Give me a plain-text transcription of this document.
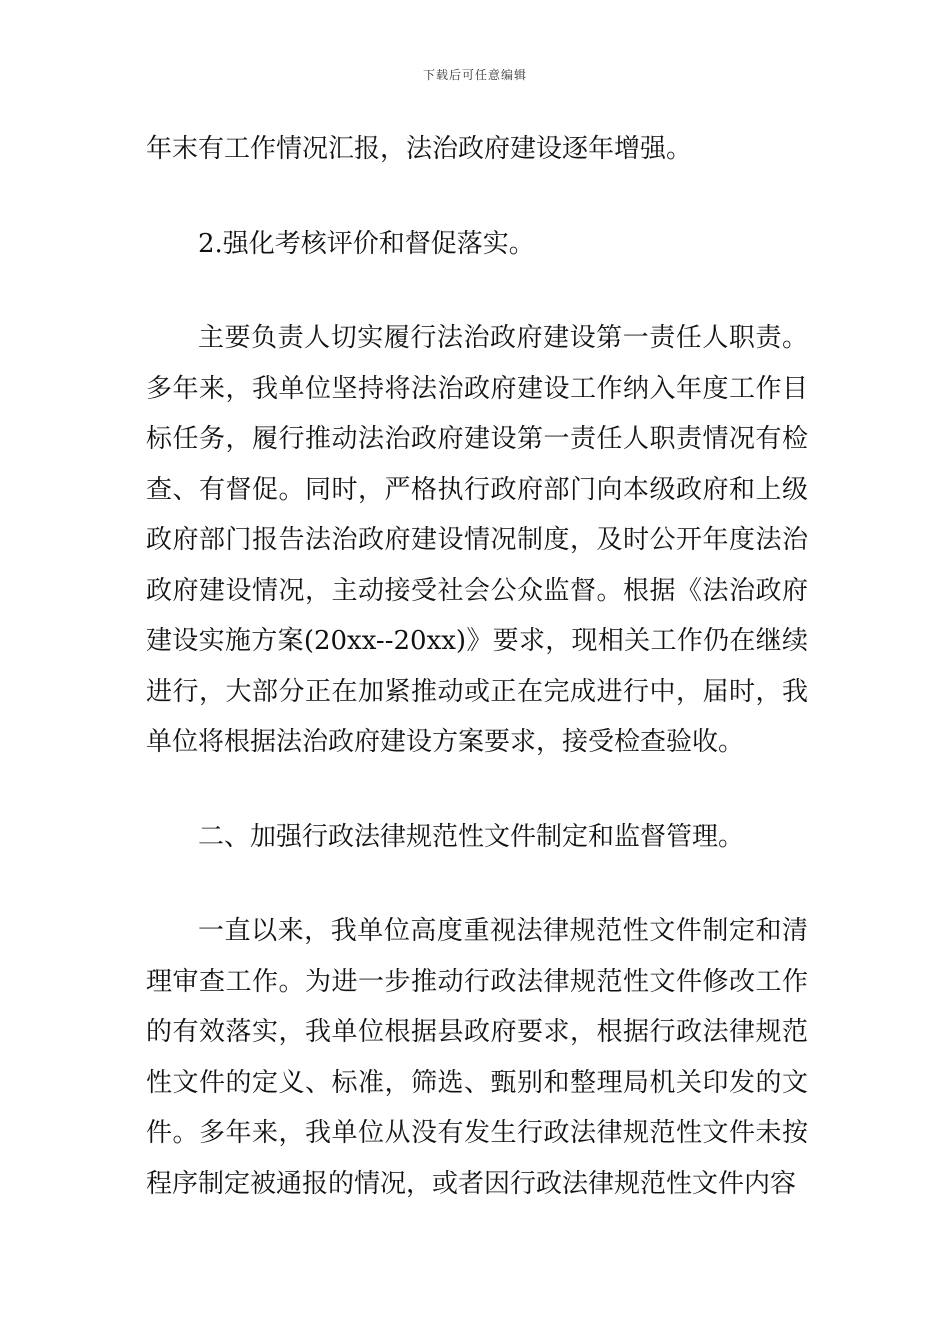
下载后可任意编辑

年末有工作情况汇报，法治政府建设逐年增强。

2.强化考核评价和督促落实。

主要负责人切实履行法治政府建设第一责任人职责。多年来，我单位坚持将法治政府建设工作纳入年度工作目标任务，履行推动法治政府建设第一责任人职责情况有检查、有督促。同时，严格执行政府部门向本级政府和上级政府部门报告法治政府建设情况制度，及时公开年度法治政府建设情况，主动接受社会公众监督。根据《法治政府建设实施方案(20xx--20xx)》要求，现相关工作仍在继续进行，大部分正在加紧推动或正在完成进行中，届时，我单位将根据法治政府建设方案要求，接受检查验收。

二、加强行政法律规范性文件制定和监督管理。

一直以来，我单位高度重视法律规范性文件制定和清理审查工作。为进一步推动行政法律规范性文件修改工作的有效落实，我单位根据县政府要求，根据行政法律规范性文件的定义、标准，筛选、甄别和整理局机关印发的文件。多年来，我单位从没有发生行政法律规范性文件未按程序制定被通报的情况，或者因行政法律规范性文件内容
